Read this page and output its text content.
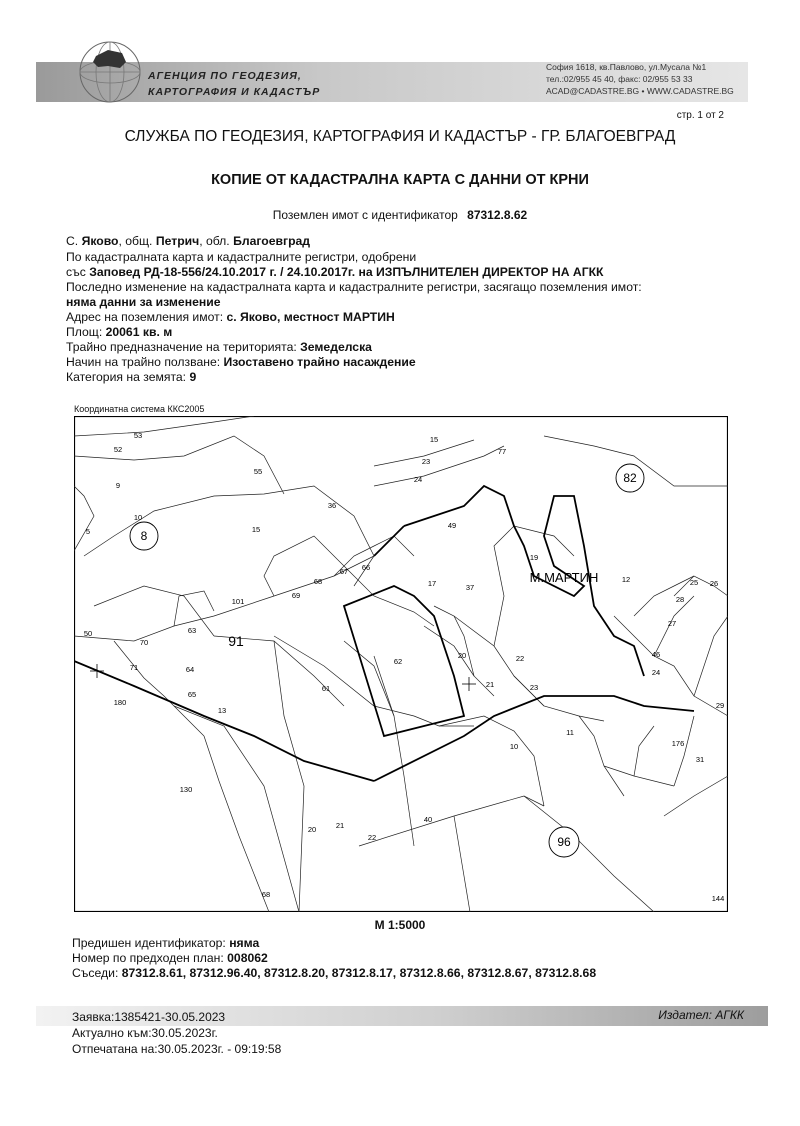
АГЕНЦИЯ ПО ГЕОДЕЗИЯ,
КАРТОГРАФИЯ И КАДАСТЪР
София 1618, кв.Павлово, ул.Мусала №1
тел.:02/955 45 40, факс: 02/955 53 33
ACAD@CADASTRE.BG • WWW.CADASTRE.BG
стр. 1 от 2
СЛУЖБА ПО ГЕОДЕЗИЯ, КАРТОГРАФИЯ И КАДАСТЪР - ГР. БЛАГОЕВГРАД
КОПИЕ ОТ КАДАСТРАЛНА КАРТА С ДАННИ ОТ КРНИ
Поземлен имот с идентификатор 87312.8.62
С. Яково, общ. Петрич, обл. Благоевград
По кадастралната карта и кадастралните регистри, одобрени
със Заповед РД-18-556/24.10.2017 г. / 24.10.2017г. на ИЗПЪЛНИТЕЛЕН ДИРЕКТОР НА АГКК
Последно изменение на кадастралната карта и кадастралните регистри, засягащо поземления имот:
няма данни за изменение
Адрес на поземления имот: с. Яково, местност МАРТИН
Площ: 20061 кв. м
Трайно предназначение на територията: Земеделска
Начин на трайно ползване: Изоставено трайно насаждение
Категория на земята: 9
Координатна система ККС2005
82
8
91
96
М.МАРТИН
53
52
9
10
5
55
15
23
24
77
36
49
15
68
67 66
69
101
17	37
19
12	25 26
28
27
50
70
63
71	64
65
180
13
61
62
20	22	46
24
21	23
29
10
11
176
31
130
20	21
22
40
68	144
М 1:5000
Предишен идентификатор: няма
Номер по предходен план: 008062
Съседи: 87312.8.61, 87312.96.40, 87312.8.20, 87312.8.17, 87312.8.66, 87312.8.67, 87312.8.68
Издател: АГКК
Заявка:1385421-30.05.2023
Актуално към:30.05.2023г.
Отпечатана на:30.05.2023г. - 09:19:58
